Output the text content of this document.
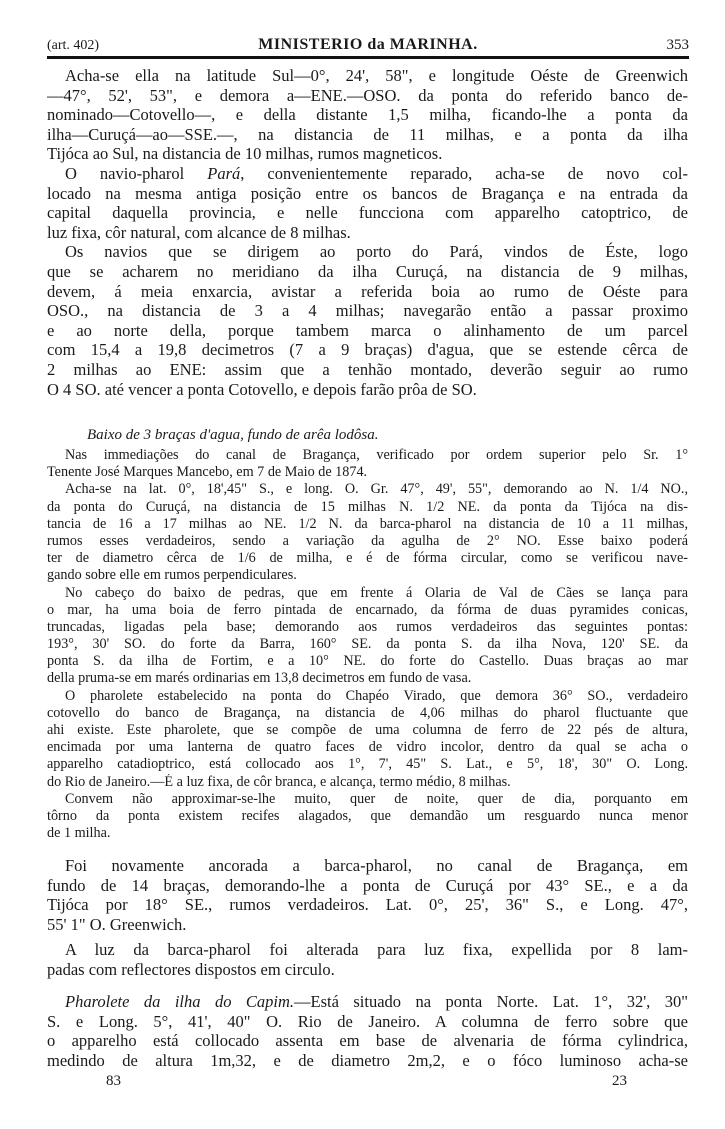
(art. 402)	MINISTERIO da MARINHA.	353
Acha-se ella na latitude Sul—0°, 24', 58", e longitude Oéste de Greenwich
—47°, 52', 53", e demora a—ENE.—OSO. da ponta do referido banco de-
nominado—Cotovello—, e della distante 1,5 milha, ficando-lhe a ponta da
ilha—Curuçá—ao—SSE.—, na distancia de 11 milhas, e a ponta da ilha
Tijóca ao Sul, na distancia de 10 milhas, rumos magneticos.
O navio-pharol Pará, convenientemente reparado, acha-se de novo col-
locado na mesma antiga posição entre os bancos de Bragança e na entrada da
capital daquella provincia, e nelle funcciona com apparelho catoptrico, de
luz fixa, côr natural, com alcance de 8 milhas.
Os navios que se dirigem ao porto do Pará, vindos de Éste, logo
que se acharem no meridiano da ilha Curuçá, na distancia de 9 milhas,
devem, á meia enxarcia, avistar a referida boia ao rumo de Oéste para
OSO., na distancia de 3 a 4 milhas; navegarão então a passar proximo
e ao norte della, porque tambem marca o alinhamento de um parcel
com 15,4 a 19,8 decimetros (7 a 9 braças) d'agua, que se estende cêrca de
2 milhas ao ENE: assim que a tenhão montado, deverão seguir ao rumo
O 4 SO. até vencer a ponta Cotovello, e depois farão prôa de SO.
Baixo de 3 braças d'agua, fundo de arêa lodôsa.
Nas immediações do canal de Bragança, verificado por ordem superior pelo Sr. 1°
Tenente José Marques Mancebo, em 7 de Maio de 1874.
Acha-se na lat. 0°, 18',45" S., e long. O. Gr. 47°, 49', 55", demorando ao N. 1/4 NO.,
da ponta do Curuçá, na distancia de 15 milhas N. 1/2 NE. da ponta da Tijóca na dis-
tancia de 16 a 17 milhas ao NE. 1/2 N. da barca-pharol na distancia de 10 a 11 milhas,
rumos esses verdadeiros, sendo a variação da agulha de 2° NO. Esse baixo poderá
ter de diametro cêrca de 1/6 de milha, e é de fórma circular, como se verificou nave-
gando sobre elle em rumos perpendiculares.
No cabeço do baixo de pedras, que em frente á Olaria de Val de Cães se lança para
o mar, ha uma boia de ferro pintada de encarnado, da fórma de duas pyramides conicas,
truncadas, ligadas pela base; demorando aos rumos verdadeiros das seguintes pontas:
193°, 30' SO. do forte da Barra, 160° SE. da ponta S. da ilha Nova, 120' SE. da
ponta S. da ilha de Fortim, e a 10° NE. do forte do Castello. Duas braças ao mar
della pruma-se em marés ordinarias em 13,8 decimetros em fundo de vasa.
O pharolete estabelecido na ponta do Chapéo Virado, que demora 36° SO., verdadeiro
cotovello do banco de Bragança, na distancia de 4,06 milhas do pharol fluctuante que
ahi existe. Este pharolete, que se compõe de uma columna de ferro de 22 pés de altura,
encimada por uma lanterna de quatro faces de vidro incolor, dentro da qual se acha o
apparelho catadioptrico, está collocado aos 1°, 7', 45" S. Lat., e 5°, 18', 30" O. Long.
do Rio de Janeiro.—É a luz fixa, de côr branca, e alcança, termo médio, 8 milhas.
Convem não approximar-se-lhe muito, quer de noite, quer de dia, porquanto em
tôrno da ponta existem recifes alagados, que demandão um resguardo nunca menor
de 1 milha.
Foi novamente ancorada a barca-pharol, no canal de Bragança, em
fundo de 14 braças, demorando-lhe a ponta de Curuçá por 43° SE., e a da
Tijóca por 18° SE., rumos verdadeiros. Lat. 0°, 25', 36" S., e Long. 47°,
55' 1" O. Greenwich.
A luz da barca-pharol foi alterada para luz fixa, expellida por 8 lam-
padas com reflectores dispostos em circulo.
Pharolete da ilha do Capim.—Está situado na ponta Norte. Lat. 1°, 32', 30"
S. e Long. 5°, 41', 40" O. Rio de Janeiro. A columna de ferro sobre que
o apparelho está collocado assenta em base de alvenaria de fórma cylindrica,
medindo de altura 1m,32, e de diametro 2m,2, e o fóco luminoso acha-se
83	23
